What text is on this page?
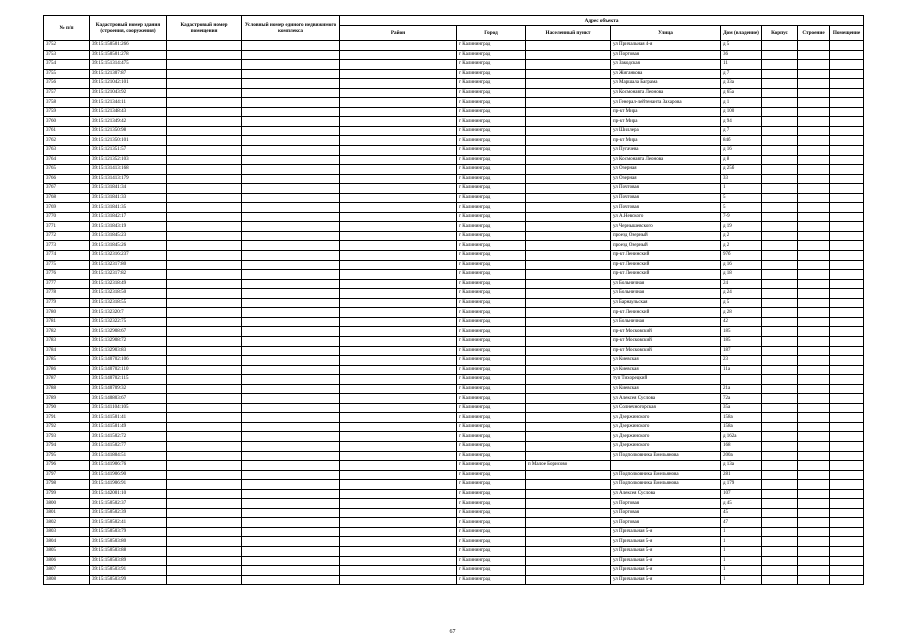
№ п/п	Кадастровый номер здания (строения, сооружения)	Кадастровый номер помещения	Условный номер единого недвижимого комплекса	Адрес объекта							
				Район	Город	Населенный пункт	Улица	Дом (владение)	Корпус	Строение	Помещение
3752	39:15:150501:266				г Калининград		ул Причальная 4-я	д 5			
3753	39:15:150501:278				г Калининград		ул Портовая	36			
3754	39:15:151314:475				г Калининград		ул Закодская	11			
3755	39:15:121307:87				г Калининград		ул Жиганкова	д 7			
3756	39:15:121042:101				г Калининград		ул Маршала Баграма	д 33а			
3757	39:15:121043:92				г Калининград		ул Космонавта Леонова	д 65а			
3758	39:15:121344:11				г Калининград		ул Генерал-лейтенанта Захарова	д 1			
3759	39:15:121348:43				г Калининград		пр-кт Мира	д 100			
3760	39:15:121349:42				г Калининград		пр-кт Мира	д 94			
3761	39:15:121350:98				г Калининград		ул Шиллера	д 7			
3762	39:15:121350:101				г Калининград		пр-кт Мира	84б			
3763	39:15:121351:57				г Калининград		ул Пугачева	д 16			
3764	39:15:121352:103				г Калининград		ул Космонавта Леонова	д 8			
3765	39:15:131413:168				г Калининград		ул Озерная	д 25б			
3766	39:15:131413:179				г Калининград		ул Озерная	33			
3767	39:15:131841:34				г Калининград		ул Почтовая	1			
3768	39:15:131841:33				г Калининград		ул Почтовая	5			
3769	39:15:131841:35				г Калининград		ул Почтовая	5			
3770	39:15:131842:17				г Калининград		ул А.Невского	7-9			
3771	39:15:131843:19				г Калининград		ул Чернышевского	д 19			
3772	39:15:131845:23				г Калининград		проезд Озерный	д 2			
3773	39:15:131845:26				г Калининград		проезд Озерный	д 2			
3774	39:15:132316:237				г Калининград		пр-кт Ленинский	97б			
3775	39:15:132317:80				г Калининград		пр-кт Ленинский	д 16			
3776	39:15:132317:82				г Калининград		пр-кт Ленинский	д 18			
3777	39:15:132318:49				г Калининград		ул Больничная	24			
3778	39:15:132318:50				г Калининград		ул Больничная	д 24			
3779	39:15:132318:55				г Калининград		ул Барнаульская	д 5			
3780	39:15:132320:7				г Калининград		пр-кт Ленинский	д 28			
3781	39:15:132322:75				г Калининград		ул Больничная	42			
3782	39:15:132908:67				г Калининград		пр-кт Московский	185			
3783	39:15:132908:72				г Калининград		пр-кт Московский	185			
3784	39:15:132903:83				г Калининград		пр-кт Московский	187			
3785	39:15:140702:106				г Калининград		ул Киевская	23			
3786	39:15:140702:110				г Калининград		ул Киевская	11а			
3787	39:15:140702:115				г Калининград		туп Тихорецкий				
3788	39:15:140709:32				г Калининград		ул Киевская	21а			
3789	39:15:140803:67				г Калининград		ул Алексея Суслова	72а			
3790	39:15:141104:105				г Калининград		ул Солнечногорская	35а			
3791	39:15:141501:41				г Калининград		ул Дзержинского	158а			
3792	39:15:141501:49				г Калининград		ул Дзержинского	158а			
3793	39:15:141502:72				г Калининград		ул Дзержинского	д 162а			
3794	39:15:141502:77				г Калининград		ул Дзержинского	168			
3795	39:15:141804:51				г Калининград		ул Подполковника Емельянова	200а			
3796	39:15:141906:76				г Калининград	п Малое Борисово		д 13а			
3797	39:15:141906:90				г Калининград		ул Подполковника Емельянова	281			
3798	39:15:141906:91				г Калининград		ул Подполковника Емельянова	д 179			
3799	39:15:142001:10				г Калининград		ул Алексея Суслова	107			
3800	39:15:150502:37				г Калининград		ул Портовая	д 45			
3801	39:15:150502:39				г Калининград		ул Портовая	45			
3802	39:15:150502:41				г Калининград		ул Портовая	47			
3803	39:15:150503:79				г Калининград		ул Причальная 5-я	1			
3804	39:15:150503:80				г Калининград		ул Причальная 5-я	1			
3805	39:15:150503:88				г Калининград		ул Причальная 5-я	1			
3806	39:15:150503:89				г Калининград		ул Причальная 5-я	1			
3807	39:15:150503:91				г Калининград		ул Причальная 5-я	1			
3808	39:15:150503:99				г Калининград		ул Причальная 5-я	1			
67
